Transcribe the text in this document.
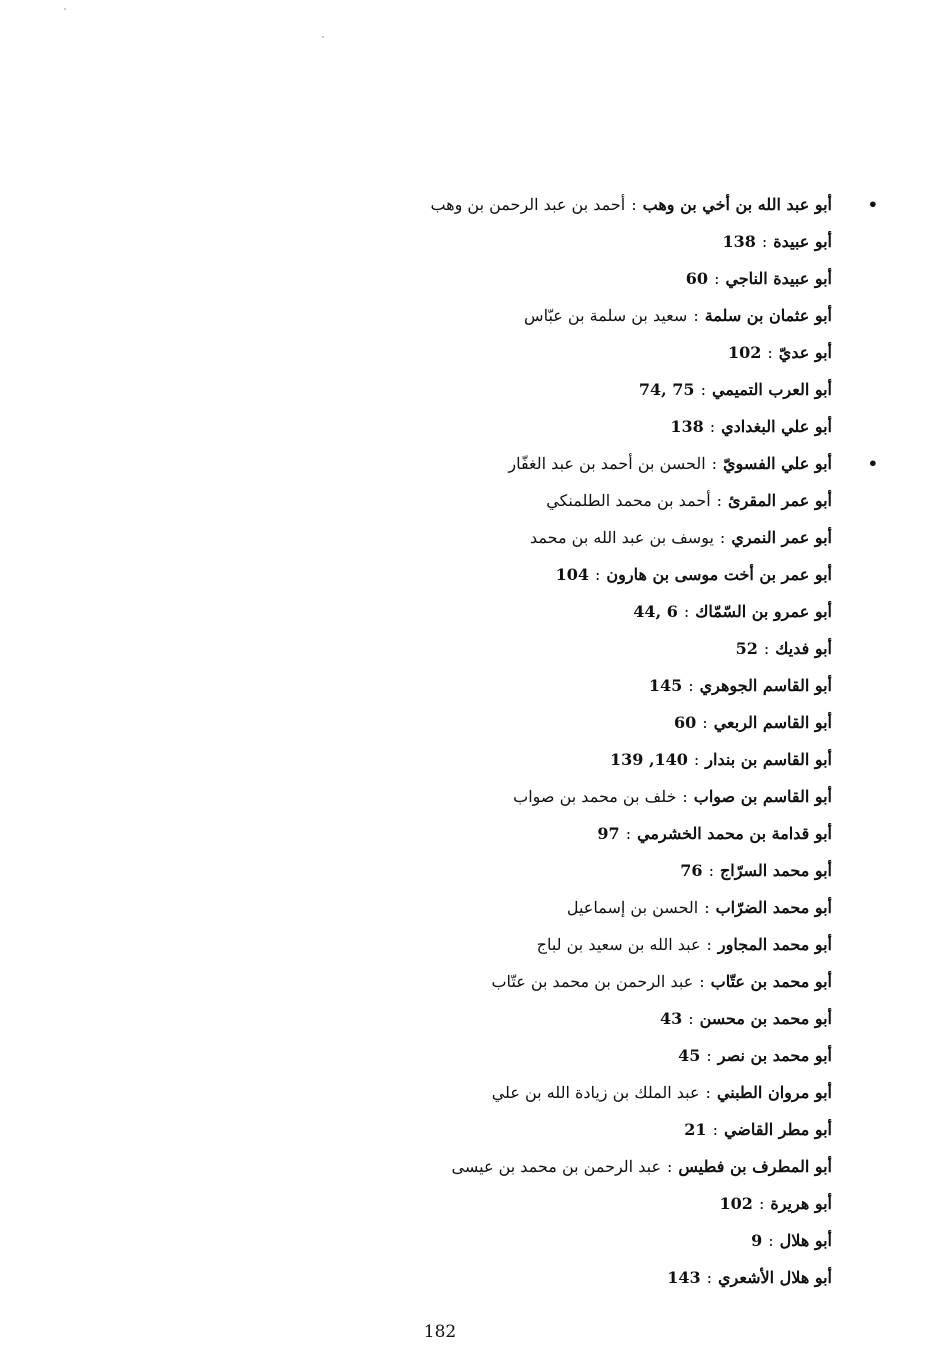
•
أبو عبد الله بن أخي بن وهب:أحمد بن عبد الرحمن بن وهب
أبو عبيدة:138
أبو عبيدة الناجي:60
أبو عثمان بن سلمة:سعيد بن سلمة بن عبّاس
أبو عديّ:102
أبو العرب التميمي:74, 75
أبو علي البغدادي:138
•
أبو علي الفسويّ:الحسن بن أحمد بن عبد الغفّار
أبو عمر المقرئ:أحمد بن محمد الطلمنكي
أبو عمر النمري:يوسف بن عبد الله بن محمد
أبو عمر بن أخت موسى بن هارون:104
أبو عمرو بن السّمّاك:44, 6
أبو فديك:52
أبو القاسم الجوهري:145
أبو القاسم الربعي:60
أبو القاسم بن بندار:139 ,140
أبو القاسم بن صواب:خلف بن محمد بن صواب
أبو قدامة بن محمد الخشرمي:97
أبو محمد السرّاج:76
أبو محمد الضرّاب:الحسن بن إسماعيل
أبو محمد المجاور:عبد الله بن سعيد بن لباج
أبو محمد بن عتّاب:عبد الرحمن بن محمد بن عتّاب
أبو محمد بن محسن:43
أبو محمد بن نصر:45
أبو مروان الطبني:عبد الملك بن زيادة الله بن علي
أبو مطر القاضي:21
أبو المطرف بن فطيس:عبد الرحمن بن محمد بن عيسى
أبو هريرة:102
أبو هلال:9
أبو هلال الأشعري:143
182
